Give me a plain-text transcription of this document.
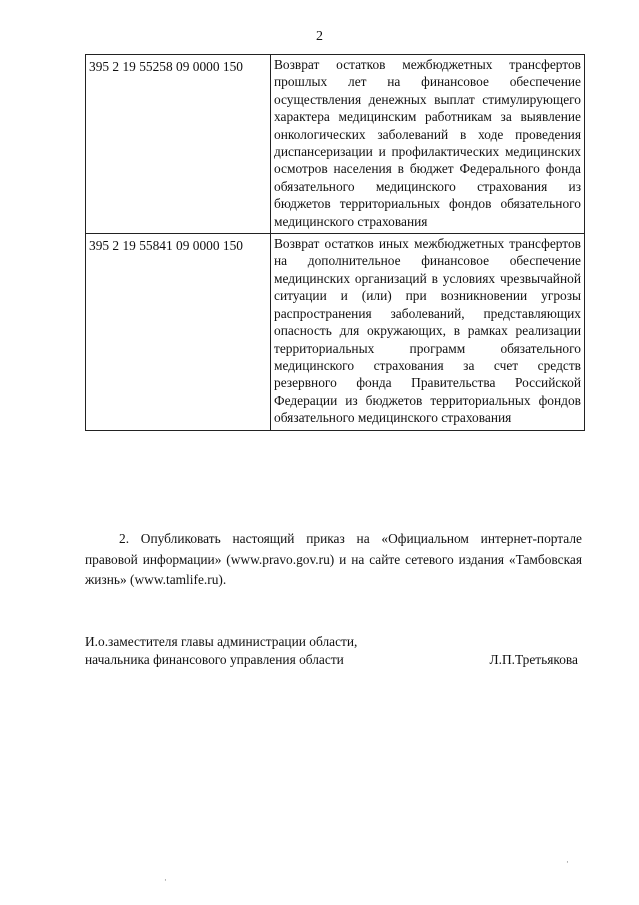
2
395 2 19 55258 09 0000 150	Возврат остатков межбюджетных трансфертов прошлых лет на финансовое обеспечение осуществления денежных выплат стимулирующего характера медицинским работникам за выявление онкологических заболеваний в ходе проведения диспансеризации и профилактических медицинских осмотров населения в бюджет Федерального фонда обязательного медицинского страхования из бюджетов территориальных фондов обязательного медицинского страхования
395 2 19 55841 09 0000 150	Возврат остатков иных межбюджетных трансфертов на дополнительное финансовое обеспечение медицинских организаций в условиях чрезвычайной ситуации и (или) при возникновении угрозы распространения заболеваний, представляющих опасность для окружающих, в рамках реализации территориальных программ обязательного медицинского страхования за счет средств резервного фонда Правительства Российской Федерации из бюджетов территориальных фондов обязательного медицинского страхования
2. Опубликовать настоящий приказ на «Официальном интернет-портале правовой информации» (www.pravo.gov.ru) и на сайте сетевого издания «Тамбовская жизнь» (www.tamlife.ru).
И.о.заместителя главы администрации области,
начальника финансового управления области	Л.П.Третьякова
·
·
